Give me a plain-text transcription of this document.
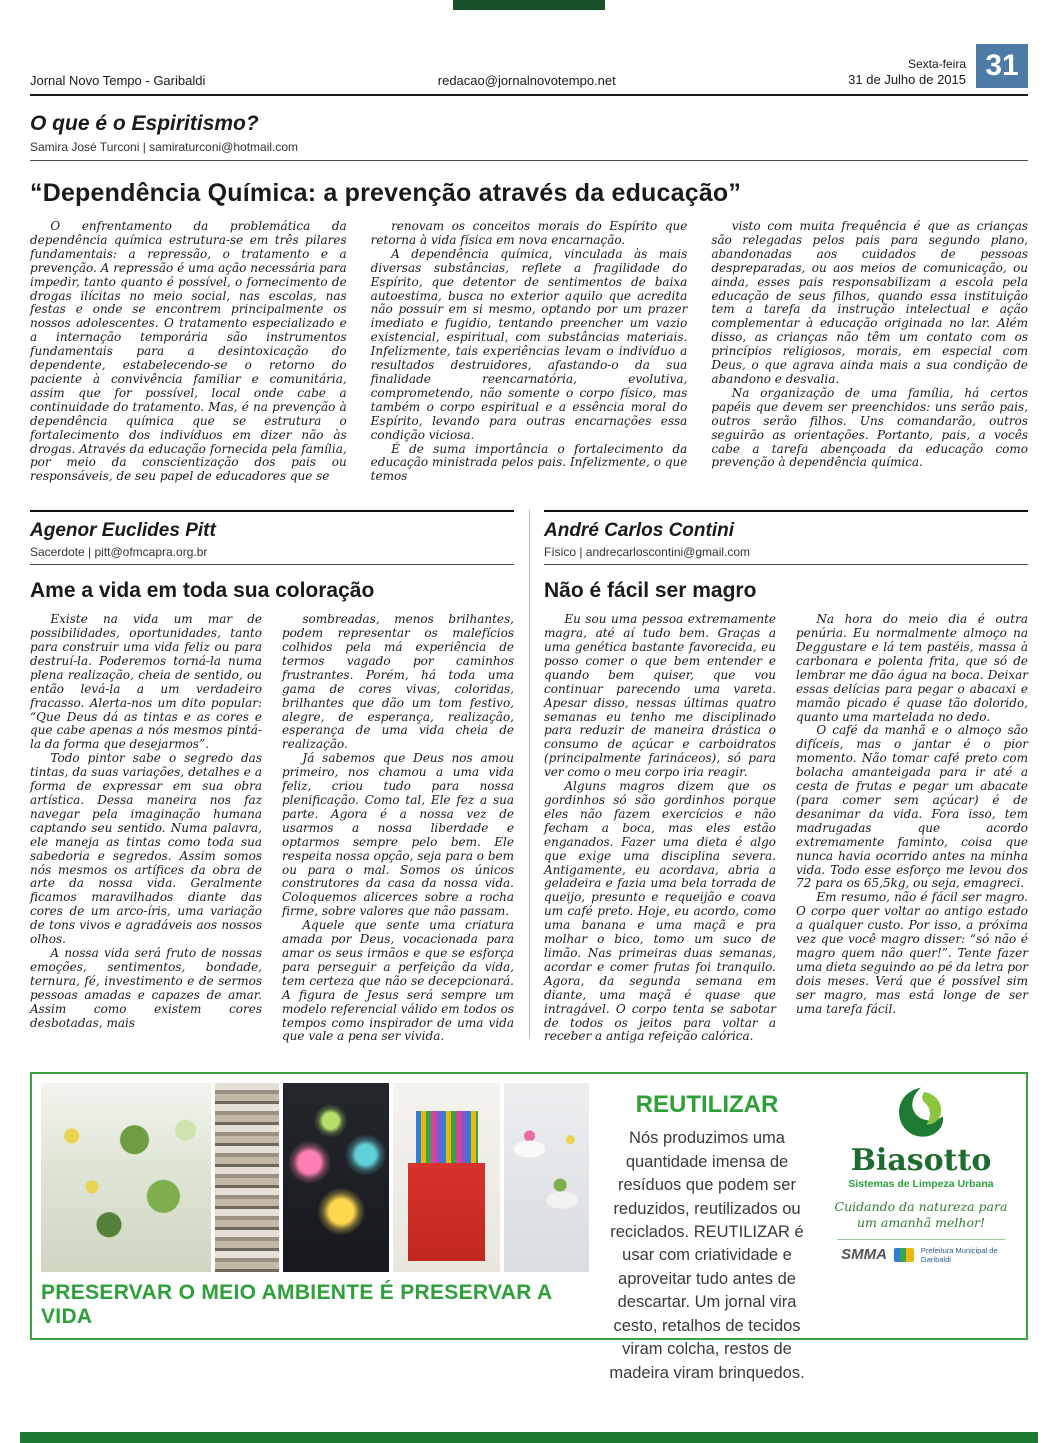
Jornal Novo Tempo - Garibaldi	redacao@jornalnovotempo.net
Sexta-feira
31 de Julho de 2015 31
O que é o Espiritismo?
Samira José Turconi | samiraturconi@hotmail.com
“Dependência Química: a prevenção através da educação”

O enfrentamento da problemática da dependência química estrutura-se em três pilares fundamentais: a repressão, o tratamento e a prevenção. A repressão é uma ação necessária para impedir, tanto quanto é possível, o fornecimento de drogas ilícitas no meio social, nas escolas, nas festas e onde se encontrem principalmente os nossos adolescentes. O tratamento especializado e a internação temporária são instrumentos fundamentais para a desintoxicação do dependente, estabelecendo-se o retorno do paciente à convivência familiar e comunitária, assim que for possível, local onde cabe a continuidade do tratamento. Mas, é na prevenção à dependência química que se estrutura o fortalecimento dos indivíduos em dizer não às drogas. Através da educação fornecida pela família, por meio da conscientização dos pais ou responsáveis, de seu papel de educadores que se

renovam os conceitos morais do Espírito que retorna à vida física em nova encarnação.

A dependência química, vinculada às mais diversas substâncias, reflete a fragilidade do Espírito, que detentor de sentimentos de baixa autoestima, busca no exterior aquilo que acredita não possuir em si mesmo, optando por um prazer imediato e fugidio, tentando preencher um vazio existencial, espiritual, com substâncias materiais. Infelizmente, tais experiências levam o indivíduo a resultados destruidores, afastando-o da sua finalidade reencarnatória, evolutiva, comprometendo, não somente o corpo físico, mas também o corpo espiritual e a essência moral do Espírito, levando para outras encarnações essa condição viciosa.

É de suma importância o fortalecimento da educação ministrada pelos pais. Infelizmente, o que temos

visto com muita frequência é que as crianças são relegadas pelos pais para segundo plano, abandonadas aos cuidados de pessoas despreparadas, ou aos meios de comunicação, ou ainda, esses pais responsabilizam a escola pela educação de seus filhos, quando essa instituição tem a tarefa da instrução intelectual e ação complementar à educação originada no lar. Além disso, as crianças não têm um contato com os princípios religiosos, morais, em especial com Deus, o que agrava ainda mais a sua condição de abandono e desvalia.

Na organização de uma família, há certos papéis que devem ser preenchidos: uns serão pais, outros serão filhos. Uns comandarão, outros seguirão as orientações. Portanto, pais, a vocês cabe a tarefa abençoada da educação como prevenção à dependência química.

Agenor Euclides Pitt
Sacerdote | pitt@ofmcapra.org.br
Ame a vida em toda sua coloração

Existe na vida um mar de possibilidades, oportunidades, tanto para construir uma vida feliz ou para destruí-la. Poderemos torná-la numa plena realização, cheia de sentido, ou então levá-la a um verdadeiro fracasso. Alerta-nos um dito popular: “Que Deus dá as tintas e as cores e que cabe apenas a nós mesmos pintá-la da forma que desejarmos”.

Todo pintor sabe o segredo das tintas, da suas variações, detalhes e a forma de expressar em sua obra artística. Dessa maneira nos faz navegar pela imaginação humana captando seu sentido. Numa palavra, ele maneja as tintas como toda sua sabedoria e segredos. Assim somos nós mesmos os artífices da obra de arte da nossa vida. Geralmente ficamos maravilhados diante das cores de um arco-íris, uma variação de tons vivos e agradáveis aos nossos olhos.

A nossa vida será fruto de nossas emoções, sentimentos, bondade, ternura, fé, investimento e de sermos pessoas amadas e capazes de amar. Assim como existem cores desbotadas, mais

sombreadas, menos brilhantes, podem representar os malefícios colhidos pela má experiência de termos vagado por caminhos frustrantes. Porém, há toda uma gama de cores vivas, coloridas, brilhantes que dão um tom festivo, alegre, de esperança, realização, esperança de uma vida cheia de realização.

Já sabemos que Deus nos amou primeiro, nos chamou a uma vida feliz, criou tudo para nossa plenificação. Como tal, Ele fez a sua parte. Agora é a nossa vez de usarmos a nossa liberdade e optarmos sempre pelo bem. Ele respeita nossa opção, seja para o bem ou para o mal. Somos os únicos construtores da casa da nossa vida. Coloquemos alicerces sobre a rocha firme, sobre valores que não passam.

Aquele que sente uma criatura amada por Deus, vocacionada para amar os seus irmãos e que se esforça para perseguir a perfeição da vida, tem certeza que não se decepcionará. A figura de Jesus será sempre um modelo referencial válido em todos os tempos como inspirador de uma vida que vale a pena ser vivida.

André Carlos Contini
Físico | andrecarloscontini@gmail.com
Não é fácil ser magro

Eu sou uma pessoa extremamente magra, até aí tudo bem. Graças a uma genética bastante favorecida, eu posso comer o que bem entender e quando bem quiser, que vou continuar parecendo uma vareta. Apesar disso, nessas últimas quatro semanas eu tenho me disciplinado para reduzir de maneira drástica o consumo de açúcar e carboidratos (principalmente farináceos), só para ver como o meu corpo iria reagir.

Alguns magros dizem que os gordinhos só são gordinhos porque eles não fazem exercícios e não fecham a boca, mas eles estão enganados. Fazer uma dieta é algo que exige uma disciplina severa. Antigamente, eu acordava, abria a geladeira e fazia uma bela torrada de queijo, presunto e requeijão e coava um café preto. Hoje, eu acordo, como uma banana e uma maçã e pra molhar o bico, tomo um suco de limão. Nas primeiras duas semanas, acordar e comer frutas foi tranquilo. Agora, da segunda semana em diante, uma maçã é quase que intragável. O corpo tenta se sabotar de todos os jeitos para voltar a receber a antiga refeição calórica.

Na hora do meio dia é outra penúria. Eu normalmente almoço na Deggustare e lá tem pastéis, massa à carbonara e polenta frita, que só de lembrar me dão água na boca. Deixar essas delícias para pegar o abacaxi e mamão picado é quase tão dolorido, quanto uma martelada no dedo.

O café da manhã e o almoço são difíceis, mas o jantar é o pior momento. Não tomar café preto com bolacha amanteigada para ir até a cesta de frutas e pegar um abacate (para comer sem açúcar) é de desanimar da vida. Fora isso, tem madrugadas que acordo extremamente faminto, coisa que nunca havia ocorrido antes na minha vida. Todo esse esforço me levou dos 72 para os 65,5kg, ou seja, emagreci.

Em resumo, não é fácil ser magro. O corpo quer voltar ao antigo estado a qualquer custo. Por isso, a próxima vez que você magro disser: “só não é magro quem não quer!”. Tente fazer uma dieta seguindo ao pé da letra por dois meses. Verá que é possível sim ser magro, mas está longe de ser uma tarefa fácil.

PRESERVAR O MEIO AMBIENTE É PRESERVAR A VIDA
REUTILIZAR

Nós produzimos uma quantidade imensa de resíduos que podem ser reduzidos, reutilizados ou reciclados. REUTILIZAR é usar com criatividade e aproveitar tudo antes de descartar. Um jornal vira cesto, retalhos de tecidos viram colcha, restos de madeira viram brinquedos.

Biasotto
Sistemas de Limpeza Urbana
Cuidando da natureza para um amanhã melhor!
SMMA	Prefeitura Municipal de Garibaldi
